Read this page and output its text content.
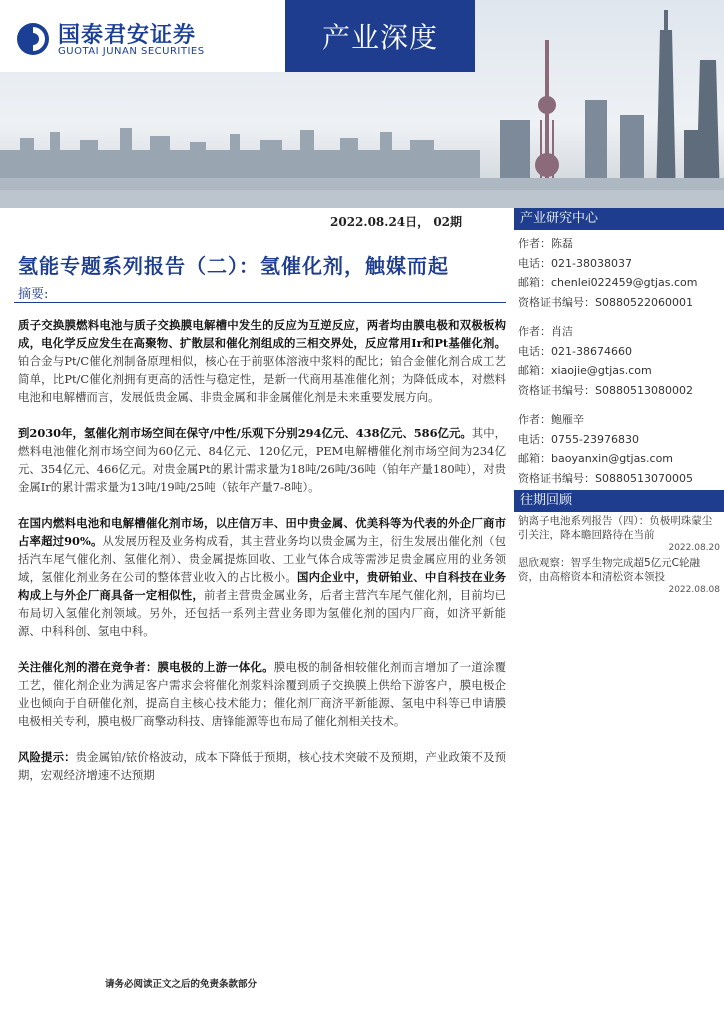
国泰君安证券
GUOTAI JUNAN SECURITIES	产业深度
2022.08.24日， 02期
氢能专题系列报告（二）：氢催化剂，触媒而起
摘要:

质子交换膜燃料电池与质子交换膜电解槽中发生的反应为互逆反应，两者均由膜电极和双极板构成，电化学反应发生在高聚物、扩散层和催化剂组成的三相交界处，反应常用Ir和Pt基催化剂。铂合金与Pt/C催化剂制备原理相似，核心在于前驱体溶液中浆料的配比；铂合金催化剂合成工艺简单，比Pt/C催化剂拥有更高的活性与稳定性，是新一代商用基准催化剂；为降低成本，对燃料电池和电解槽而言，发展低贵金属、非贵金属和非金属催化剂是未来重要发展方向。

到2030年，氢催化剂市场空间在保守/中性/乐观下分别294亿元、438亿元、586亿元。其中，燃料电池催化剂市场空间为60亿元、84亿元、120亿元，PEM电解槽催化剂市场空间为234亿元、354亿元、466亿元。对贵金属Pt的累计需求量为18吨/26吨/36吨（铂年产量180吨），对贵金属Ir的累计需求量为13吨/19吨/25吨（铱年产量7-8吨）。

在国内燃料电池和电解槽催化剂市场，以庄信万丰、田中贵金属、优美科等为代表的外企厂商市占率超过90%。从发展历程及业务构成看，其主营业务均以贵金属为主，衍生发展出催化剂（包括汽车尾气催化剂、氢催化剂）、贵金属提炼回收、工业气体合成等需涉足贵金属应用的业务领域，氢催化剂业务在公司的整体营业收入的占比极小。国内企业中，贵研铂业、中自科技在业务构成上与外企厂商具备一定相似性，前者主营贵金属业务，后者主营汽车尾气催化剂，目前均已布局切入氢催化剂领域。另外，还包括一系列主营业务即为氢催化剂的国内厂商，如济平新能源、中科科创、氢电中科。

关注催化剂的潜在竞争者：膜电极的上游一体化。膜电极的制备相较催化剂而言增加了一道涂覆工艺，催化剂企业为满足客户需求会将催化剂浆料涂覆到质子交换膜上供给下游客户，膜电极企业也倾向于自研催化剂，提高自主核心技术能力；催化剂厂商济平新能源、氢电中科等已申请膜电极相关专利，膜电极厂商擎动科技、唐锋能源等也布局了催化剂相关技术。

风险提示：贵金属铂/铱价格波动，成本下降低于预期，核心技术突破不及预期，产业政策不及预期，宏观经济增速不达预期

产业研究中心
作者：陈磊
电话：021-38038037
邮箱：chenlei022459@gtjas.com
资格证书编号：S0880522060001
作者：肖洁
电话：021-38674660
邮箱：xiaojie@gtjas.com
资格证书编号：S0880513080002
作者：鲍雁辛
电话：0755-23976830
邮箱：baoyanxin@gtjas.com
资格证书编号：S0880513070005
往期回顾
钠离子电池系列报告（四）：负极明珠蒙尘引关注，降本瞻回路待在当前
2022.08.20
恩欣观察：智孚生物完成超5亿元C轮融资，由高榕资本和清松资本领投
2022.08.08
请务必阅读正文之后的免责条款部分
